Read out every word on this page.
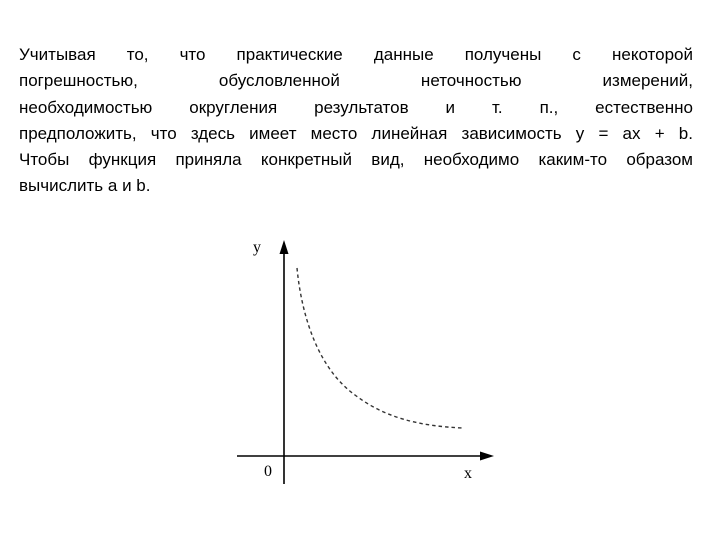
Учитывая то, что практические данные получены с некоторой
погрешностью, обусловленной неточностью измерений,
необходимостью округления результатов и т. п., естественно
предположить, что здесь имеет место линейная зависимость y = ax + b.
Чтобы функция приняла конкретный вид, необходимо каким-то образом
вычислить a и b.
y
x
0
